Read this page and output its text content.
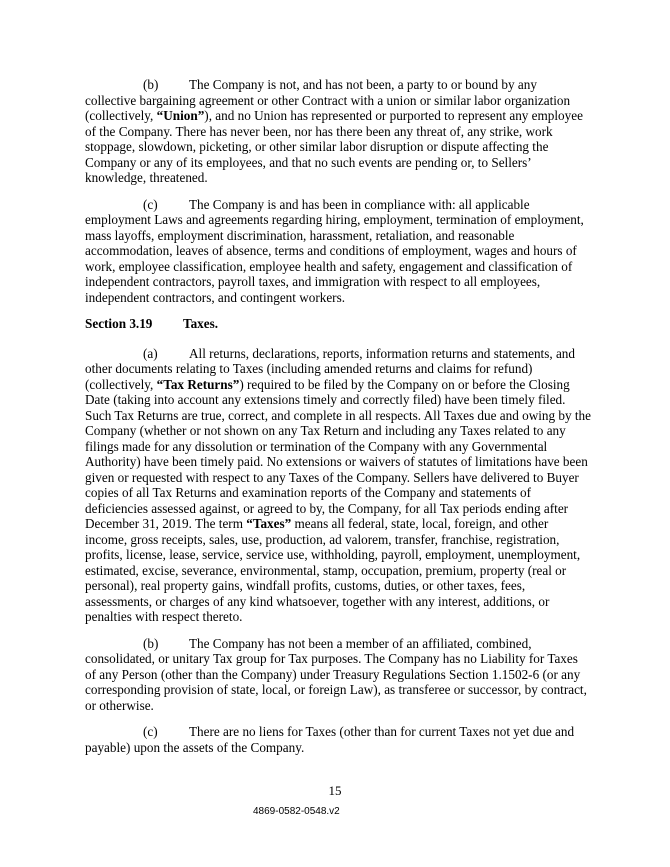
(b) The Company is not, and has not been, a party to or bound by any collective bargaining agreement or other Contract with a union or similar labor organization (collectively, “Union”), and no Union has represented or purported to represent any employee of the Company. There has never been, nor has there been any threat of, any strike, work stoppage, slowdown, picketing, or other similar labor disruption or dispute affecting the Company or any of its employees, and that no such events are pending or, to Sellers’ knowledge, threatened.

(c) The Company is and has been in compliance with: all applicable employment Laws and agreements regarding hiring, employment, termination of employment, mass layoffs, employment discrimination, harassment, retaliation, and reasonable accommodation, leaves of absence, terms and conditions of employment, wages and hours of work, employee classification, employee health and safety, engagement and classification of independent contractors, payroll taxes, and immigration with respect to all employees, independent contractors, and contingent workers.

Section 3.19 Taxes.

(a) All returns, declarations, reports, information returns and statements, and other documents relating to Taxes (including amended returns and claims for refund) (collectively, “Tax Returns”) required to be filed by the Company on or before the Closing Date (taking into account any extensions timely and correctly filed) have been timely filed. Such Tax Returns are true, correct, and complete in all respects. All Taxes due and owing by the Company (whether or not shown on any Tax Return and including any Taxes related to any filings made for any dissolution or termination of the Company with any Governmental Authority) have been timely paid. No extensions or waivers of statutes of limitations have been given or requested with respect to any Taxes of the Company. Sellers have delivered to Buyer copies of all Tax Returns and examination reports of the Company and statements of deficiencies assessed against, or agreed to by, the Company, for all Tax periods ending after December 31, 2019. The term “Taxes” means all federal, state, local, foreign, and other income, gross receipts, sales, use, production, ad valorem, transfer, franchise, registration, profits, license, lease, service, service use, withholding, payroll, employment, unemployment, estimated, excise, severance, environmental, stamp, occupation, premium, property (real or personal), real property gains, windfall profits, customs, duties, or other taxes, fees, assessments, or charges of any kind whatsoever, together with any interest, additions, or penalties with respect thereto.

(b) The Company has not been a member of an affiliated, combined, consolidated, or unitary Tax group for Tax purposes. The Company has no Liability for Taxes of any Person (other than the Company) under Treasury Regulations Section 1.1502-6 (or any corresponding provision of state, local, or foreign Law), as transferee or successor, by contract, or otherwise.

(c) There are no liens for Taxes (other than for current Taxes not yet due and payable) upon the assets of the Company.

15
4869-0582-0548.v2
